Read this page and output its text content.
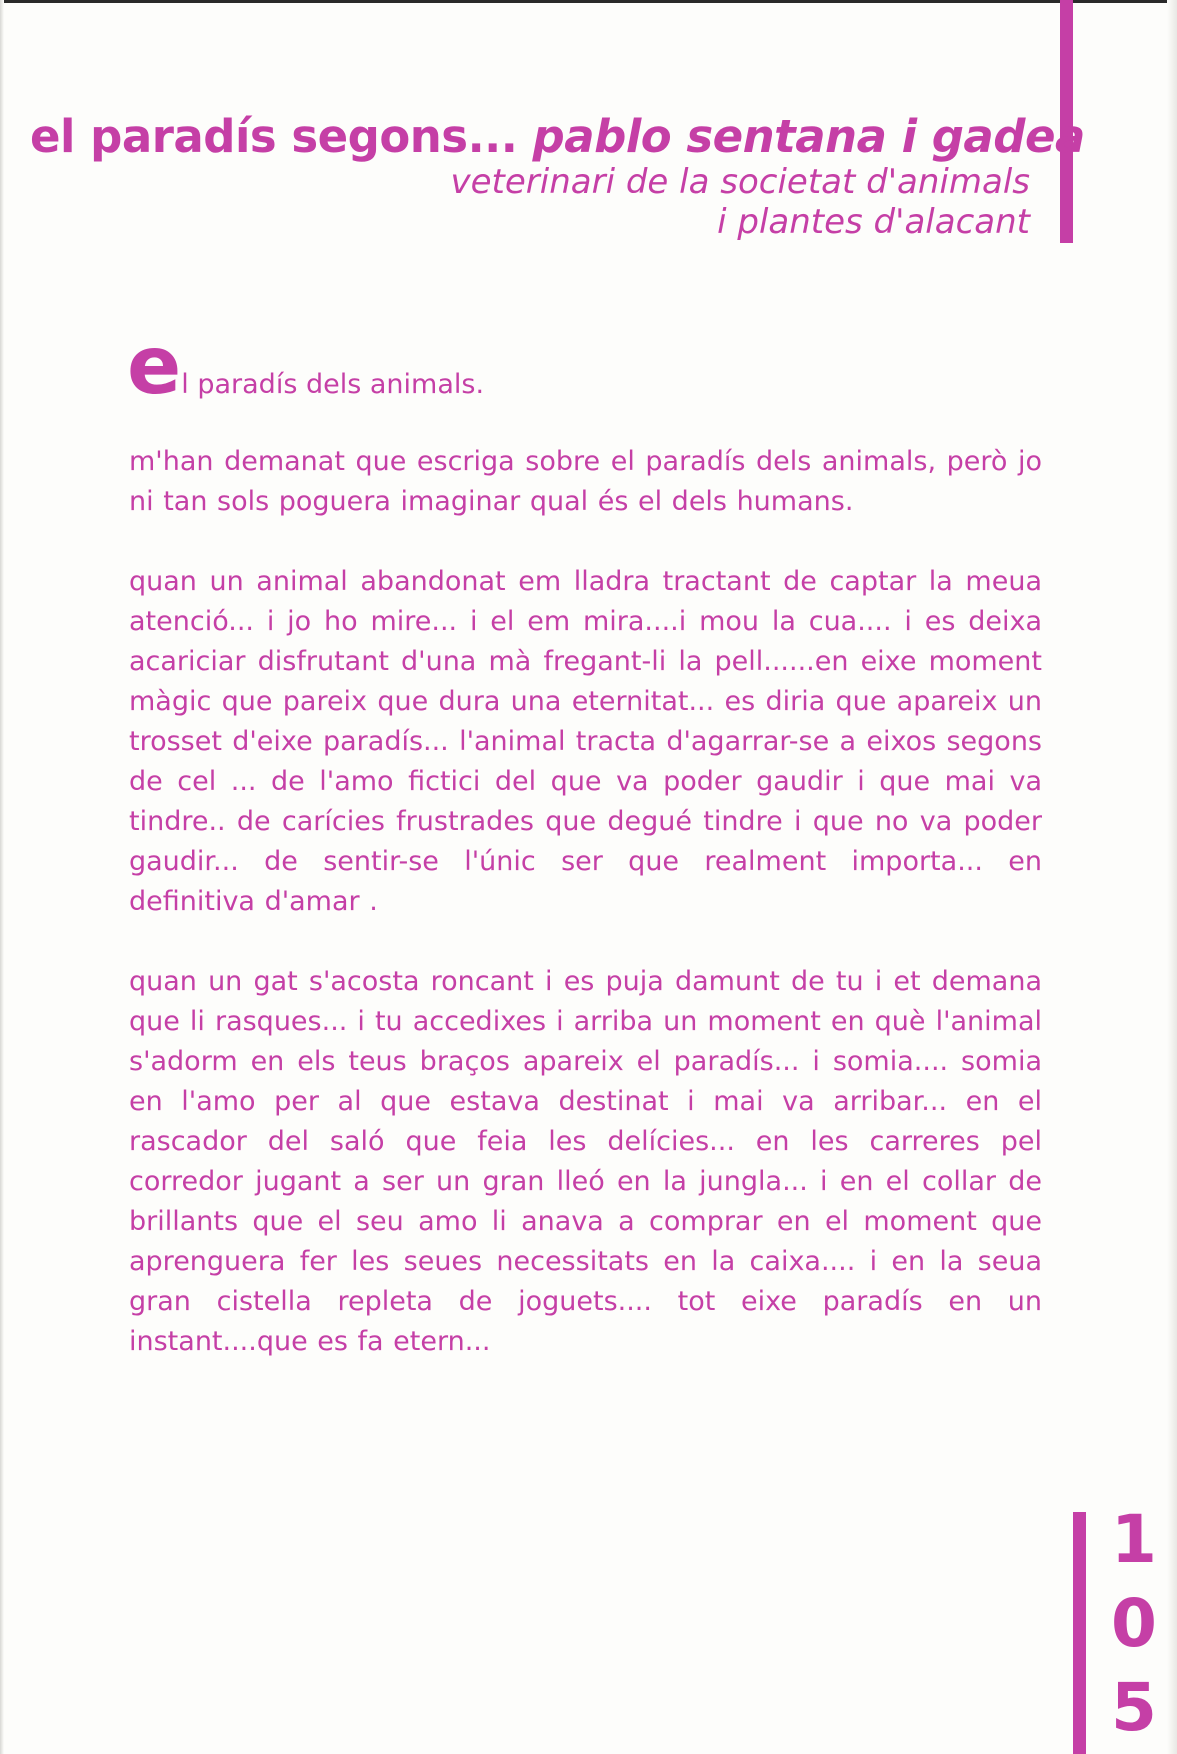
el paradís segons... pablo sentana i gadea
veterinari de la societat d'animals
i plantes d'alacant
el paradís dels animals.

m'han demanat que escriga sobre el paradís dels animals, però jo ni tan sols poguera imaginar qual és el dels humans.

quan un animal abandonat em lladra tractant de captar la meua atenció... i jo ho mire... i el em mira....i mou la cua.... i es deixa acariciar disfrutant d'una mà fregant-li la pell......en eixe moment màgic que pareix que dura una eternitat... es diria que apareix un trosset d'eixe paradís... l'animal tracta d'agarrar-se a eixos segons de cel ... de l'amo fictici del que va poder gaudir i que mai va tindre.. de carícies frustrades que degué tindre i que no va poder gaudir... de sentir-se l'únic ser que realment importa... en definitiva d'amar .

quan un gat s'acosta roncant i es puja damunt de tu i et demana que li rasques... i tu accedixes i arriba un moment en què l'animal s'adorm en els teus braços apareix el paradís... i somia.... somia en l'amo per al que estava destinat i mai va arribar... en el rascador del saló que feia les delícies... en les carreres pel corredor jugant a ser un gran lleó en la jungla... i en el collar de brillants que el seu amo li anava a comprar en el moment que aprenguera fer les seues necessitats en la caixa.... i en la seua gran cistella repleta de joguets.... tot eixe paradís en un instant....que es fa etern...

1
0
5
